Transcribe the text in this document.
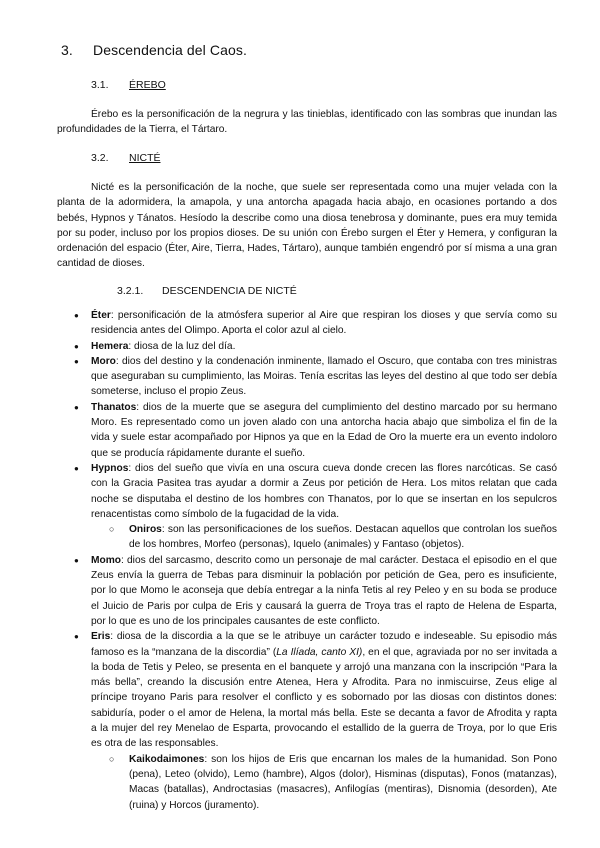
3. Descendencia del Caos.
3.1. ÉREBO

Érebo es la personificación de la negrura y las tinieblas, identificado con las sombras que inundan las profundidades de la Tierra, el Tártaro.

3.2. NICTÉ

Nicté es la personificación de la noche, que suele ser representada como una mujer velada con la planta de la adormidera, la amapola, y una antorcha apagada hacia abajo, en ocasiones portando a dos bebés, Hypnos y Tánatos. Hesíodo la describe como una diosa tenebrosa y dominante, pues era muy temida por su poder, incluso por los propios dioses. De su unión con Érebo surgen el Éter y Hemera, y configuran la ordenación del espacio (Éter, Aire, Tierra, Hades, Tártaro), aunque también engendró por sí misma a una gran cantidad de dioses.

3.2.1. DESCENDENCIA DE NICTÉ
● Éter: personificación de la atmósfera superior al Aire que respiran los dioses y que servía como su residencia antes del Olimpo. Aporta el color azul al cielo.
● Hemera: diosa de la luz del día.
● Moro: dios del destino y la condenación inminente, llamado el Oscuro, que contaba con tres ministras que aseguraban su cumplimiento, las Moiras. Tenía escritas las leyes del destino al que todo ser debía someterse, incluso el propio Zeus.
● Thanatos: dios de la muerte que se asegura del cumplimiento del destino marcado por su hermano Moro. Es representado como un joven alado con una antorcha hacia abajo que simboliza el fin de la vida y suele estar acompañado por Hipnos ya que en la Edad de Oro la muerte era un evento indoloro que se producía rápidamente durante el sueño.
● Hypnos: dios del sueño que vivía en una oscura cueva donde crecen las flores narcóticas. Se casó con la Gracia Pasitea tras ayudar a dormir a Zeus por petición de Hera. Los mitos relatan que cada noche se disputaba el destino de los hombres con Thanatos, por lo que se insertan en los sepulcros renacentistas como símbolo de la fugacidad de la vida.
○ Oniros: son las personificaciones de los sueños. Destacan aquellos que controlan los sueños de los hombres, Morfeo (personas), Iquelo (animales) y Fantaso (objetos).
● Momo: dios del sarcasmo, descrito como un personaje de mal carácter. Destaca el episodio en el que Zeus envía la guerra de Tebas para disminuir la población por petición de Gea, pero es insuficiente, por lo que Momo le aconseja que debía entregar a la ninfa Tetis al rey Peleo y en su boda se produce el Juicio de Paris por culpa de Eris y causará la guerra de Troya tras el rapto de Helena de Esparta, por lo que es uno de los principales causantes de este conflicto.
● Eris: diosa de la discordia a la que se le atribuye un carácter tozudo e indeseable. Su episodio más famoso es la “manzana de la discordia” (La Ilíada, canto XI), en el que, agraviada por no ser invitada a la boda de Tetis y Peleo, se presenta en el banquete y arrojó una manzana con la inscripción “Para la más bella”, creando la discusión entre Atenea, Hera y Afrodita. Para no inmiscuirse, Zeus elige al príncipe troyano Paris para resolver el conflicto y es sobornado por las diosas con distintos dones: sabiduría, poder o el amor de Helena, la mortal más bella. Este se decanta a favor de Afrodita y rapta a la mujer del rey Menelao de Esparta, provocando el estallido de la guerra de Troya, por lo que Eris es otra de las responsables.
○ Kaikodaimones: son los hijos de Eris que encarnan los males de la humanidad. Son Pono (pena), Leteo (olvido), Lemo (hambre), Algos (dolor), Hisminas (disputas), Fonos (matanzas), Macas (batallas), Androctasias (masacres), Anfilogías (mentiras), Disnomia (desorden), Ate (ruina) y Horcos (juramento).
